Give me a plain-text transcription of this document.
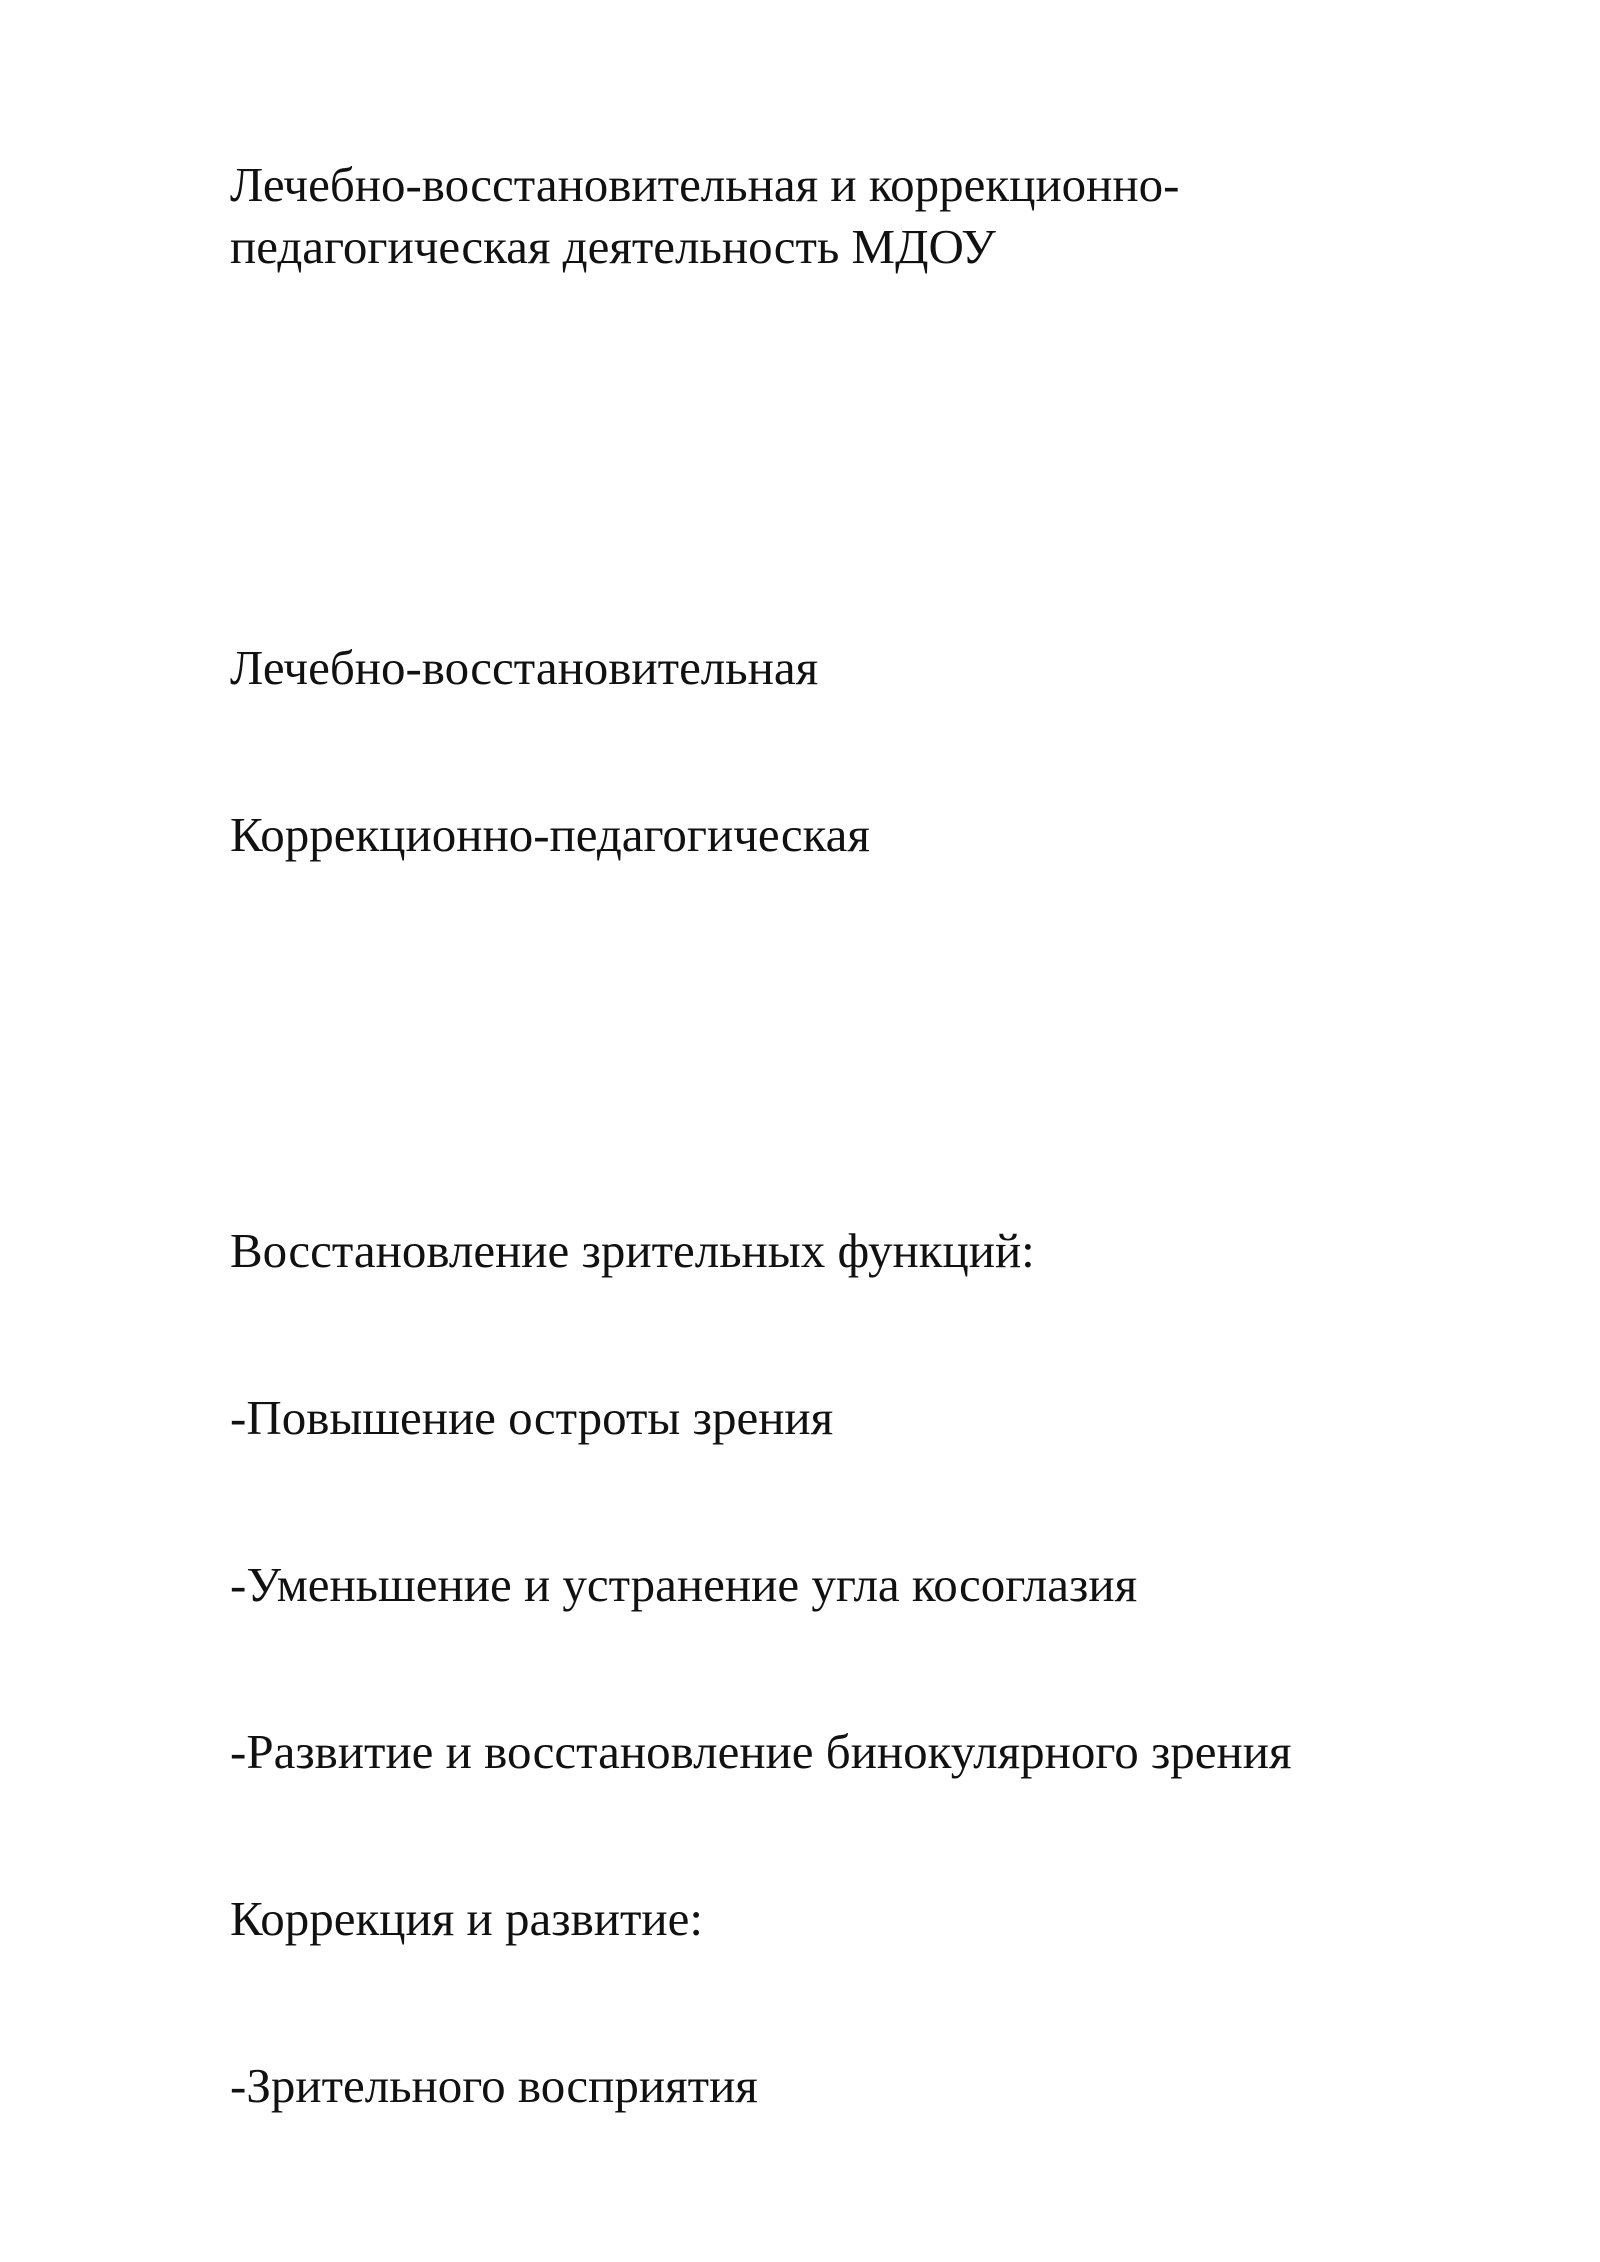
Лечебно-восстановительная и коррекционно-
педагогическая деятельность МДОУ

Лечебно-восстановительная

Коррекционно-педагогическая

Восстановление зрительных функций:

-Повышение остроты зрения

-Уменьшение и устранение угла косоглазия

-Развитие и восстановление бинокулярного зрения

Коррекция и развитие:

-Зрительного восприятия
